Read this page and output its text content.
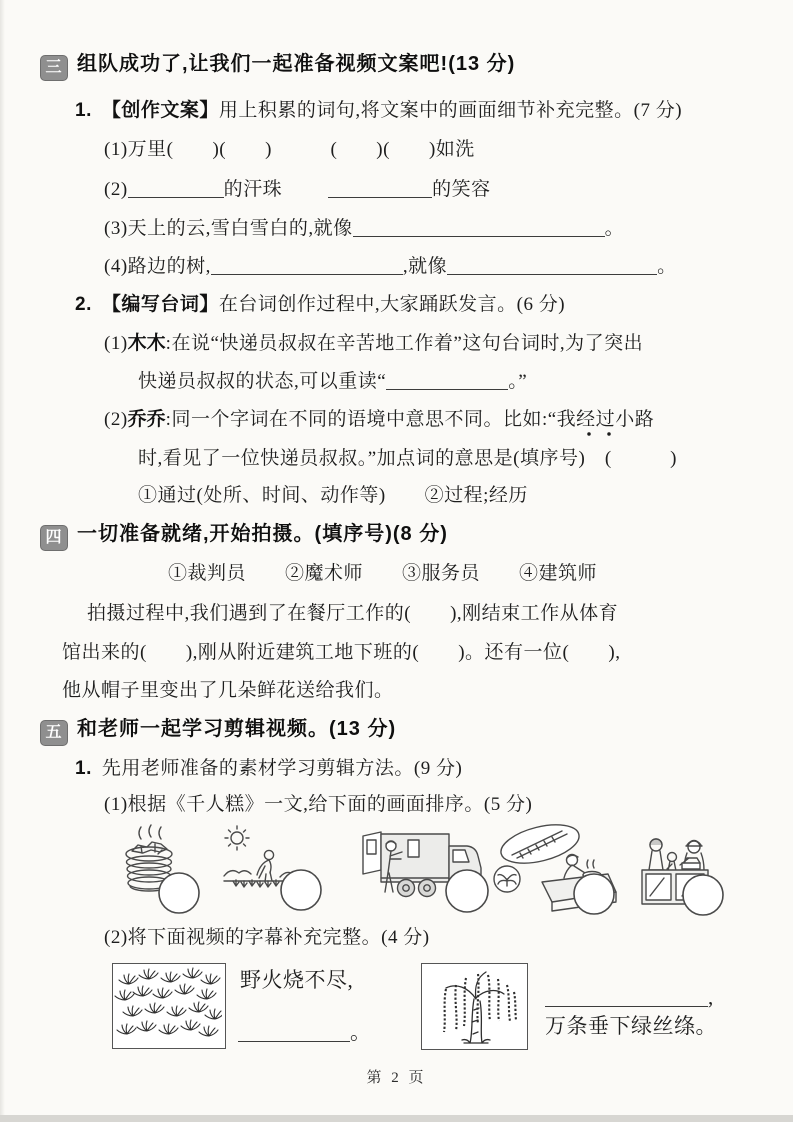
三 组队成功了,让我们一起准备视频文案吧!(13 分)
1. 【创作文案】用上积累的词句,将文案中的画面细节补充完整。(7 分)
(1)万里(　　)(　　)　　　(　　)(　　)如洗
(2)	的汗珠	的笑容
(3)天上的云,雪白雪白的,就像	。
(4)路边的树,	,就像	。
2. 【编写台词】在台词创作过程中,大家踊跃发言。(6 分)
(1)木木:在说“快递员叔叔在辛苦地工作着”这句台词时,为了突出
快递员叔叔的状态,可以重读“	。”
(2)乔乔:同一个字词在不同的语境中意思不同。比如:“我经过小路
时,看见了一位快递员叔叔。”加点词的意思是(填序号)　(　　　)
①通过(处所、时间、动作等)　　②过程;经历
四 一切准备就绪,开始拍摄。(填序号)(8 分)
①裁判员　　②魔术师　　③服务员　　④建筑师
拍摄过程中,我们遇到了在餐厅工作的(　　),刚结束工作从体育
馆出来的(　　),刚从附近建筑工地下班的(　　)。还有一位(　　),
他从帽子里变出了几朵鲜花送给我们。
五 和老师一起学习剪辑视频。(13 分)
1. 先用老师准备的素材学习剪辑方法。(9 分)
(1)根据《千人糕》一文,给下面的画面排序。(5 分)
(2)将下面视频的字幕补充完整。(4 分)
野火烧不尽,
。
,
万条垂下绿丝绦。
第 2 页
